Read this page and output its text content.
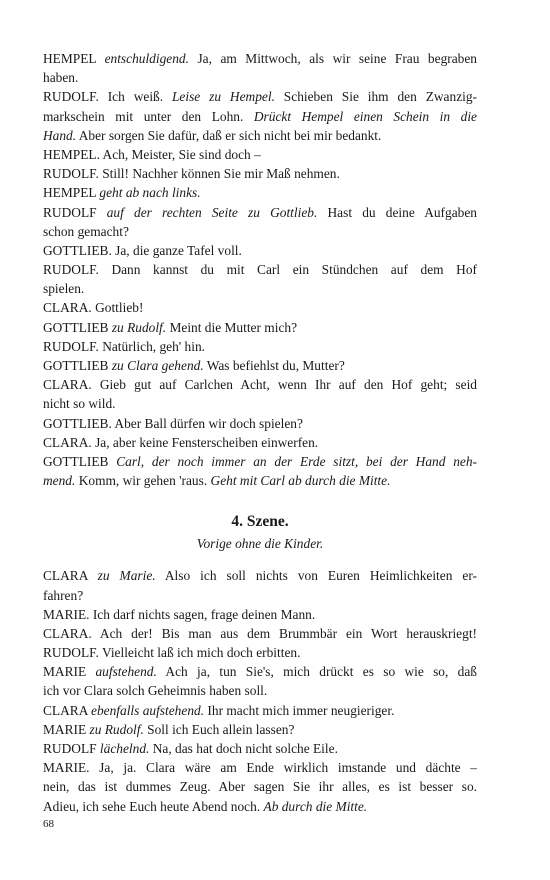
HEMPEL entschuldigend. Ja, am Mittwoch, als wir seine Frau begraben
haben.
RUDOLF. Ich weiß. Leise zu Hempel. Schieben Sie ihm den Zwanzig-
markschein mit unter den Lohn. Drückt Hempel einen Schein in die
Hand. Aber sorgen Sie dafür, daß er sich nicht bei mir bedankt.
HEMPEL. Ach, Meister, Sie sind doch –
RUDOLF. Still! Nachher können Sie mir Maß nehmen.
HEMPEL geht ab nach links.
RUDOLF auf der rechten Seite zu Gottlieb. Hast du deine Aufgaben
schon gemacht?
GOTTLIEB. Ja, die ganze Tafel voll.
RUDOLF. Dann kannst du mit Carl ein Stündchen auf dem Hof
spielen.
CLARA. Gottlieb!
GOTTLIEB zu Rudolf. Meint die Mutter mich?
RUDOLF. Natürlich, geh' hin.
GOTTLIEB zu Clara gehend. Was befiehlst du, Mutter?
CLARA. Gieb gut auf Carlchen Acht, wenn Ihr auf den Hof geht; seid
nicht so wild.
GOTTLIEB. Aber Ball dürfen wir doch spielen?
CLARA. Ja, aber keine Fensterscheiben einwerfen.
GOTTLIEB Carl, der noch immer an der Erde sitzt, bei der Hand neh-
mend. Komm, wir gehen 'raus. Geht mit Carl ab durch die Mitte.
4. Szene.
Vorige ohne die Kinder.
CLARA zu Marie. Also ich soll nichts von Euren Heimlichkeiten er-
fahren?
MARIE. Ich darf nichts sagen, frage deinen Mann.
CLARA. Ach der! Bis man aus dem Brummbär ein Wort herauskriegt!
RUDOLF. Vielleicht laß ich mich doch erbitten.
MARIE aufstehend. Ach ja, tun Sie's, mich drückt es so wie so, daß
ich vor Clara solch Geheimnis haben soll.
CLARA ebenfalls aufstehend. Ihr macht mich immer neugieriger.
MARIE zu Rudolf. Soll ich Euch allein lassen?
RUDOLF lächelnd. Na, das hat doch nicht solche Eile.
MARIE. Ja, ja. Clara wäre am Ende wirklich imstande und dächte –
nein, das ist dummes Zeug. Aber sagen Sie ihr alles, es ist besser so.
Adieu, ich sehe Euch heute Abend noch. Ab durch die Mitte.
68
